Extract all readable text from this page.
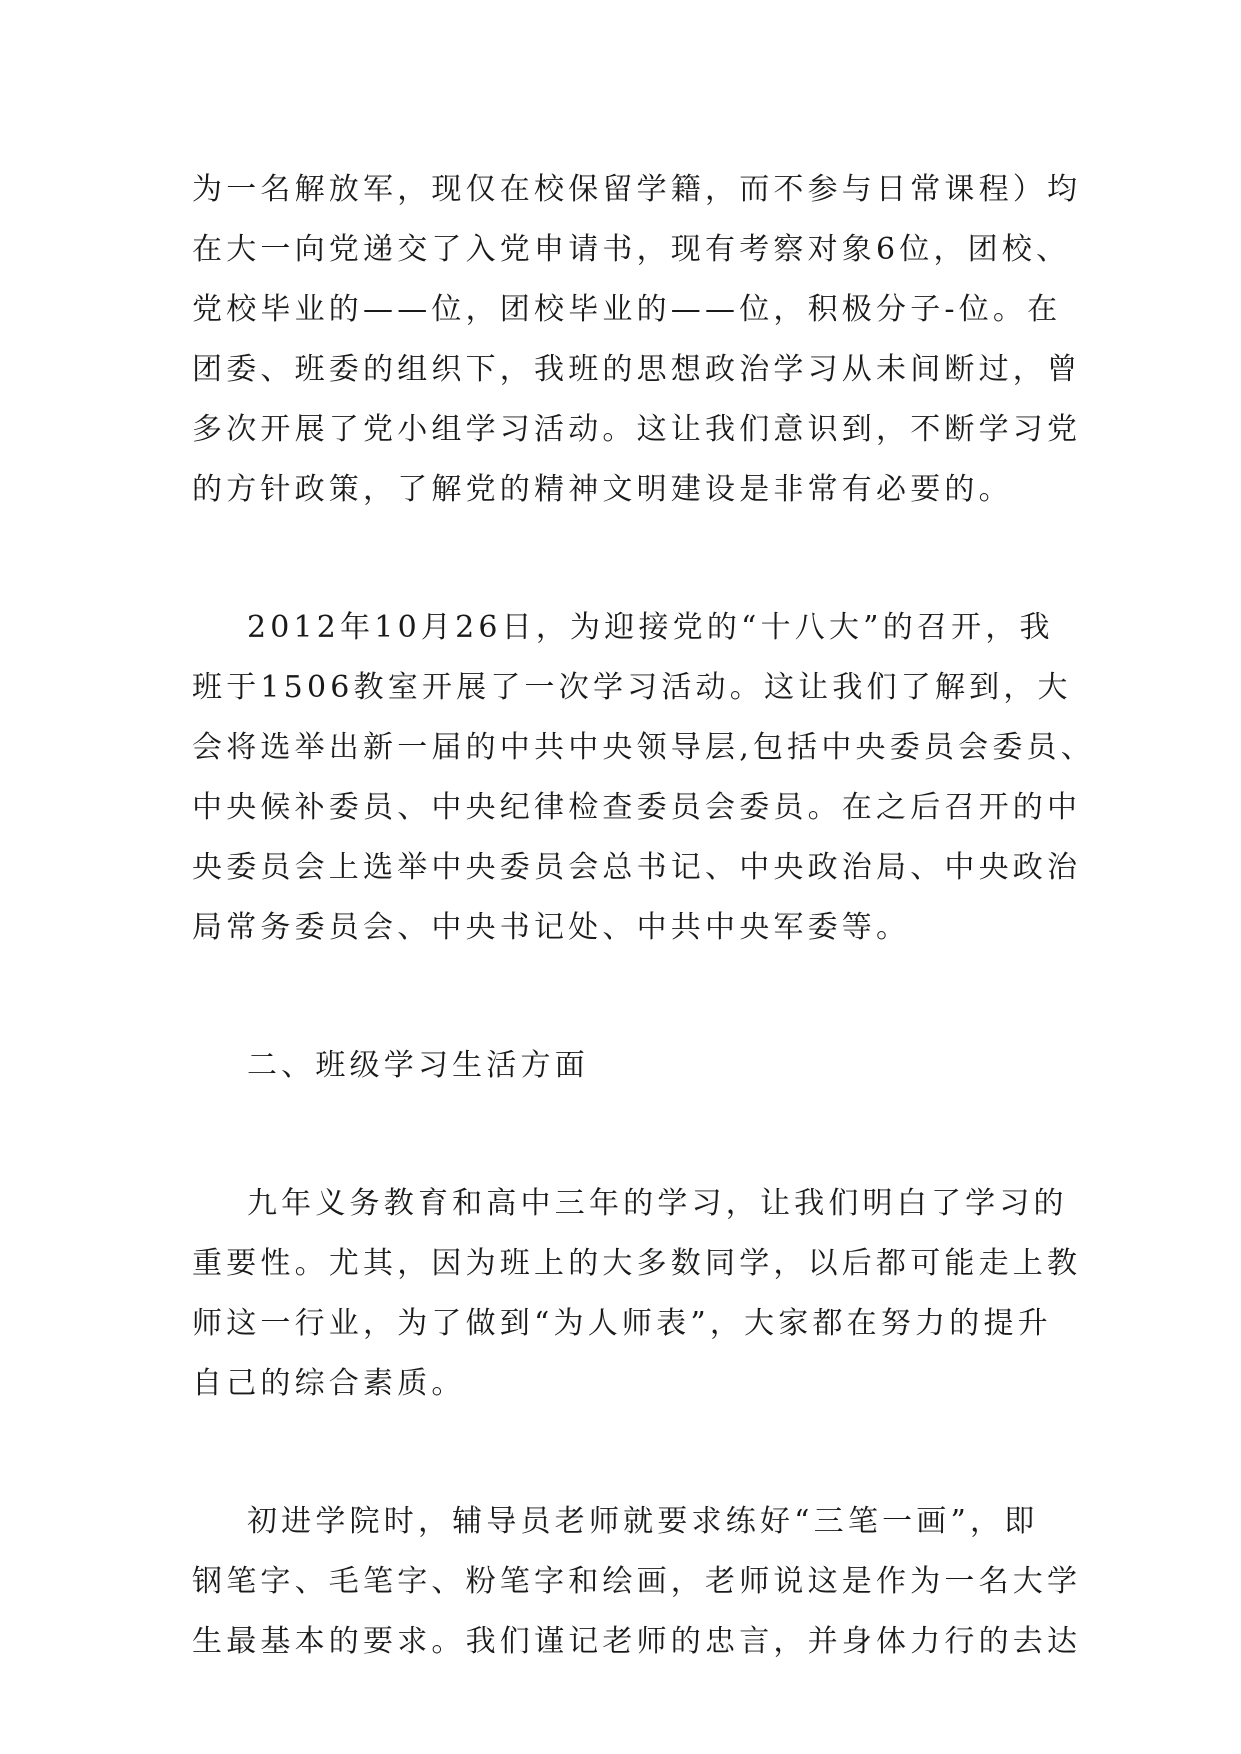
为一名解放军，现仅在校保留学籍，而不参与日常课程）均
在大一向党递交了入党申请书，现有考察对象6位，团校、
党校毕业的——位，团校毕业的——位，积极分子-位。在
团委、班委的组织下，我班的思想政治学习从未间断过，曾
多次开展了党小组学习活动。这让我们意识到，不断学习党
的方针政策，了解党的精神文明建设是非常有必要的。
2012年10月26日，为迎接党的“十八大”的召开，我
班于1506教室开展了一次学习活动。这让我们了解到，大
会将选举出新一届的中共中央领导层,包括中央委员会委员、
中央候补委员、中央纪律检查委员会委员。在之后召开的中
央委员会上选举中央委员会总书记、中央政治局、中央政治
局常务委员会、中央书记处、中共中央军委等。
二、班级学习生活方面
九年义务教育和高中三年的学习，让我们明白了学习的
重要性。尤其，因为班上的大多数同学，以后都可能走上教
师这一行业，为了做到“为人师表”，大家都在努力的提升
自己的综合素质。
初进学院时，辅导员老师就要求练好“三笔一画”，即
钢笔字、毛笔字、粉笔字和绘画，老师说这是作为一名大学
生最基本的要求。我们谨记老师的忠言，并身体力行的去达
